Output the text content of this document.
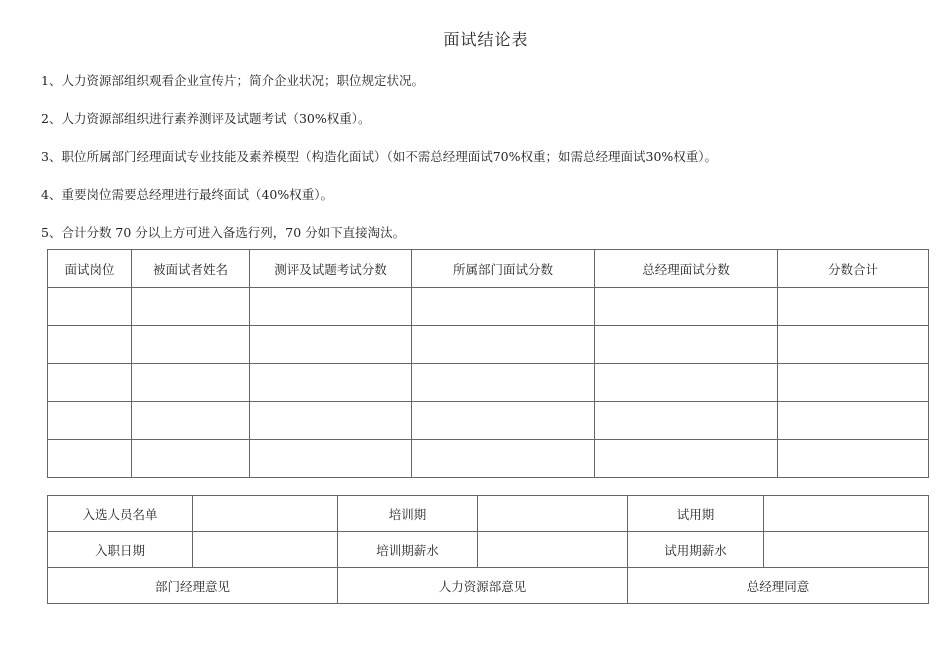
面试结论表
1、人力资源部组织观看企业宣传片；简介企业状况；职位规定状况。
2、人力资源部组织进行素养测评及试题考试（30%权重）。
3、职位所属部门经理面试专业技能及素养模型（构造化面试）（如不需总经理面试70%权重；如需总经理面试30%权重）。
4、重要岗位需要总经理进行最终面试（40%权重）。
5、合计分数 70 分以上方可进入备选行列，70 分如下直接淘汰。
面试岗位	被面试者姓名	测评及试题考试分数	所属部门面试分数	总经理面试分数	分数合计

入选人员名单		培训期		试用期	
入职日期		培训期薪水		试用期薪水	
部门经理意见		人力资源部意见		总经理同意	
